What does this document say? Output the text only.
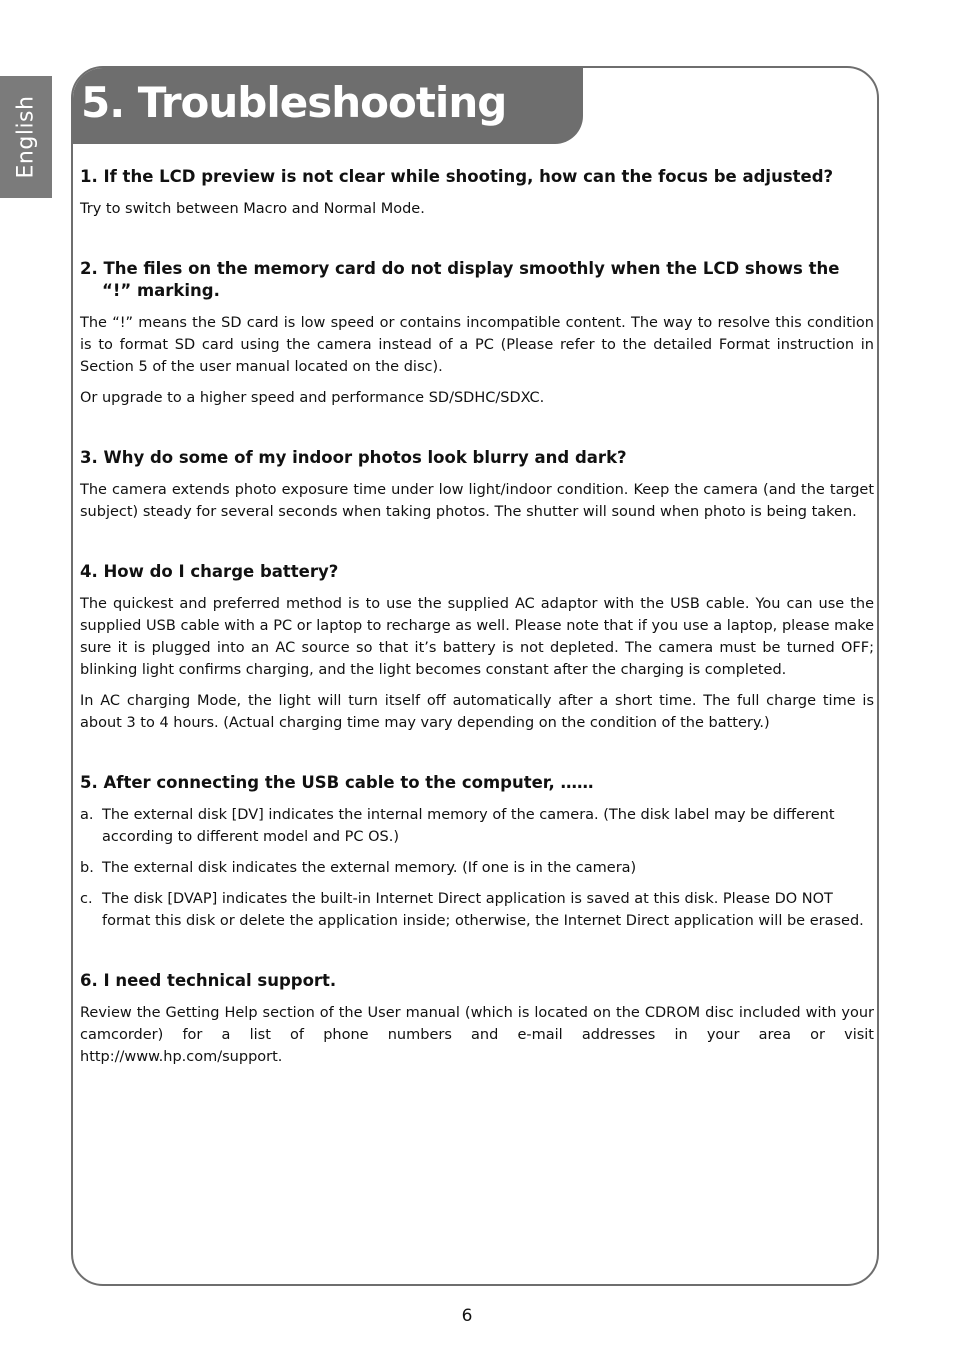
English 5. Troubleshooting
1. If the LCD preview is not clear while shooting, how can the focus be adjusted?
Try to switch between Macro and Normal Mode.
2. The files on the memory card do not display smoothly when the LCD shows the “!” marking.
The “!” means the SD card is low speed or contains incompatible content. The way to resolve this condition is to format SD card using the camera instead of a PC (Please refer to the detailed Format instruction in Section 5 of the user manual located on the disc).
Or upgrade to a higher speed and performance SD/SDHC/SDXC.
3. Why do some of my indoor photos look blurry and dark?
The camera extends photo exposure time under low light/indoor condition. Keep the camera (and the target subject) steady for several seconds when taking photos. The shutter will sound when photo is being taken.
4. How do I charge battery?
The quickest and preferred method is to use the supplied AC adaptor with the USB cable. You can use the supplied USB cable with a PC or laptop to recharge as well. Please note that if you use a laptop, please make sure it is plugged into an AC source so that it’s battery is not depleted. The camera must be turned OFF; blinking light confirms charging, and the light becomes constant after the charging is completed.
In AC charging Mode, the light will turn itself off automatically after a short time. The full charge time is about 3 to 4 hours. (Actual charging time may vary depending on the condition of the battery.)
5. After connecting the USB cable to the computer, ……
a. The external disk [DV] indicates the internal memory of the camera. (The disk label may be different according to different model and PC OS.)
b. The external disk indicates the external memory. (If one is in the camera)
c. The disk [DVAP] indicates the built-in Internet Direct application is saved at this disk. Please DO NOT format this disk or delete the application inside; otherwise, the Internet Direct application will be erased.
6. I need technical support.
Review the Getting Help section of the User manual (which is located on the CDROM disc included with your camcorder) for a list of phone numbers and e-mail addresses in your area or visit http://www.hp.com/support.
6
